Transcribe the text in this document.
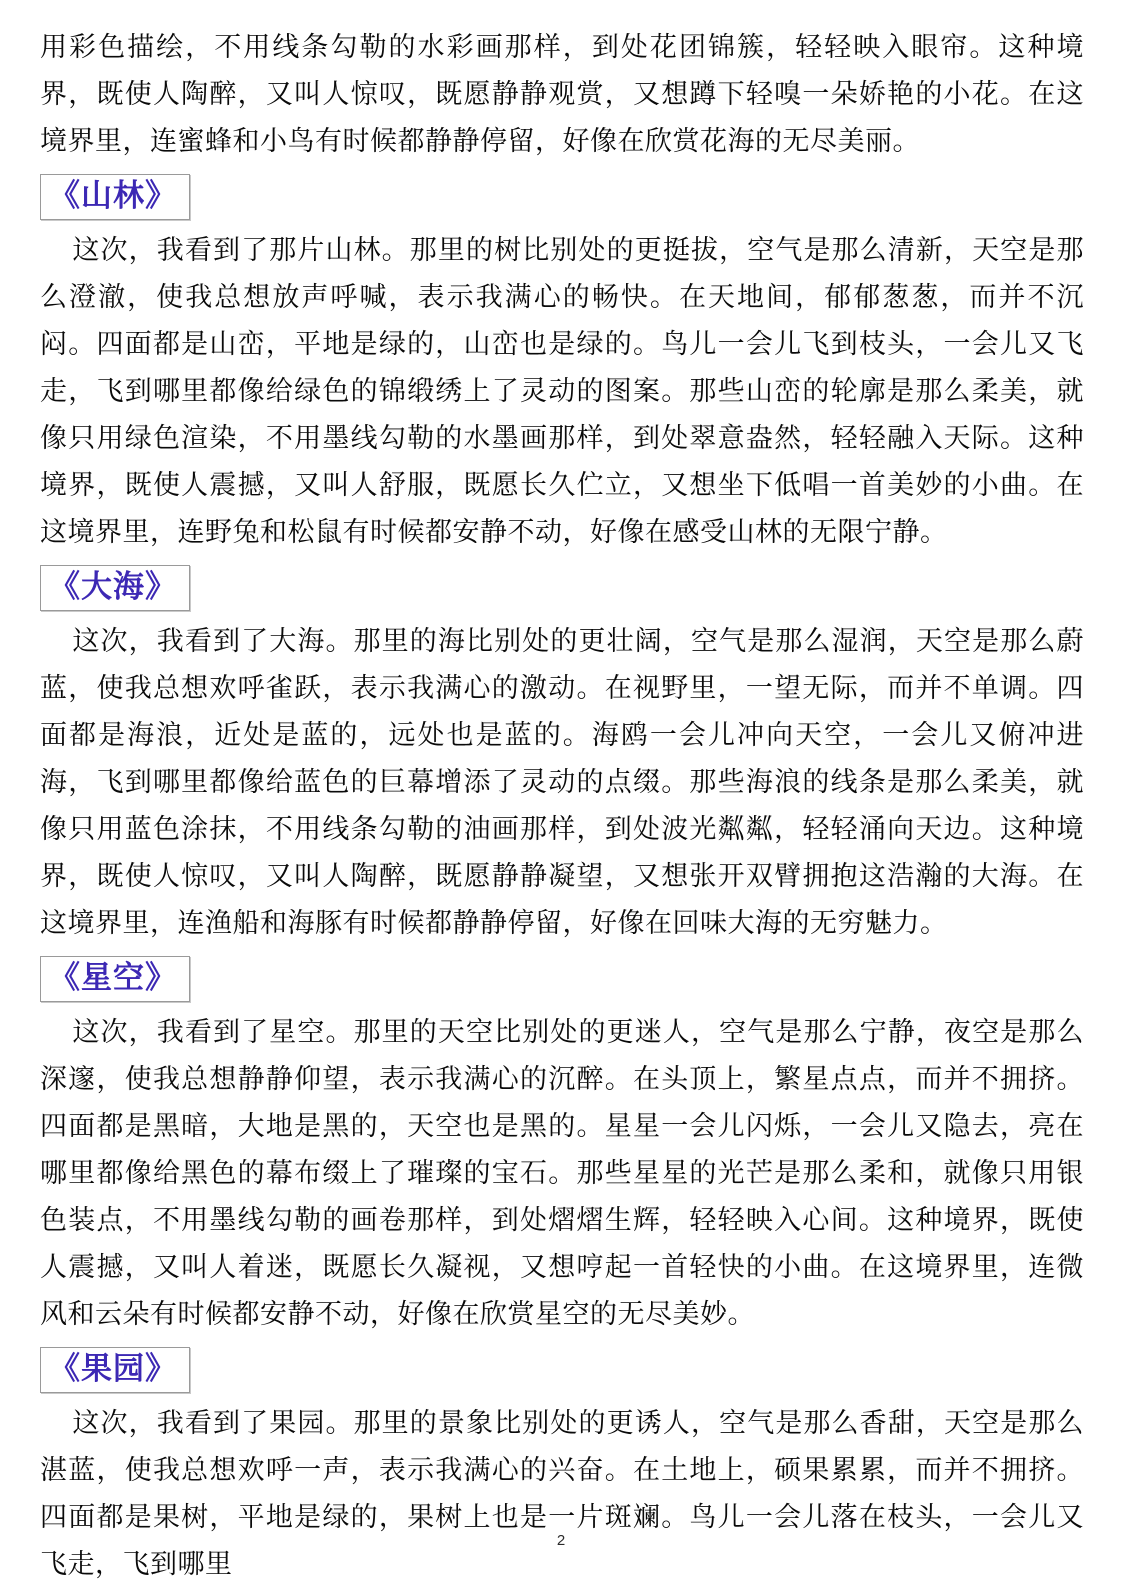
用彩色描绘，不用线条勾勒的水彩画那样，到处花团锦簇，轻轻映入眼帘。这种境界，既使人陶醉，又叫人惊叹，既愿静静观赏，又想蹲下轻嗅一朵娇艳的小花。在这境界里，连蜜蜂和小鸟有时候都静静停留，好像在欣赏花海的无尽美丽。

《山林》

这次，我看到了那片山林。那里的树比别处的更挺拔，空气是那么清新，天空是那么澄澈，使我总想放声呼喊，表示我满心的畅快。在天地间，郁郁葱葱，而并不沉闷。四面都是山峦，平地是绿的，山峦也是绿的。鸟儿一会儿飞到枝头，一会儿又飞走，飞到哪里都像给绿色的锦缎绣上了灵动的图案。那些山峦的轮廓是那么柔美，就像只用绿色渲染，不用墨线勾勒的水墨画那样，到处翠意盎然，轻轻融入天际。这种境界，既使人震撼，又叫人舒服，既愿长久伫立，又想坐下低唱一首美妙的小曲。在这境界里，连野兔和松鼠有时候都安静不动，好像在感受山林的无限宁静。

《大海》

这次，我看到了大海。那里的海比别处的更壮阔，空气是那么湿润，天空是那么蔚蓝，使我总想欢呼雀跃，表示我满心的激动。在视野里，一望无际，而并不单调。四面都是海浪，近处是蓝的，远处也是蓝的。海鸥一会儿冲向天空，一会儿又俯冲进海，飞到哪里都像给蓝色的巨幕增添了灵动的点缀。那些海浪的线条是那么柔美，就像只用蓝色涂抹，不用线条勾勒的油画那样，到处波光粼粼，轻轻涌向天边。这种境界，既使人惊叹，又叫人陶醉，既愿静静凝望，又想张开双臂拥抱这浩瀚的大海。在这境界里，连渔船和海豚有时候都静静停留，好像在回味大海的无穷魅力。

《星空》

这次，我看到了星空。那里的天空比别处的更迷人，空气是那么宁静，夜空是那么深邃，使我总想静静仰望，表示我满心的沉醉。在头顶上，繁星点点，而并不拥挤。四面都是黑暗，大地是黑的，天空也是黑的。星星一会儿闪烁，一会儿又隐去，亮在哪里都像给黑色的幕布缀上了璀璨的宝石。那些星星的光芒是那么柔和，就像只用银色装点，不用墨线勾勒的画卷那样，到处熠熠生辉，轻轻映入心间。这种境界，既使人震撼，又叫人着迷，既愿长久凝视，又想哼起一首轻快的小曲。在这境界里，连微风和云朵有时候都安静不动，好像在欣赏星空的无尽美妙。

《果园》

这次，我看到了果园。那里的景象比别处的更诱人，空气是那么香甜，天空是那么湛蓝，使我总想欢呼一声，表示我满心的兴奋。在土地上，硕果累累，而并不拥挤。四面都是果树，平地是绿的，果树上也是一片斑斓。鸟儿一会儿落在枝头，一会儿又飞走，飞到哪里

2
